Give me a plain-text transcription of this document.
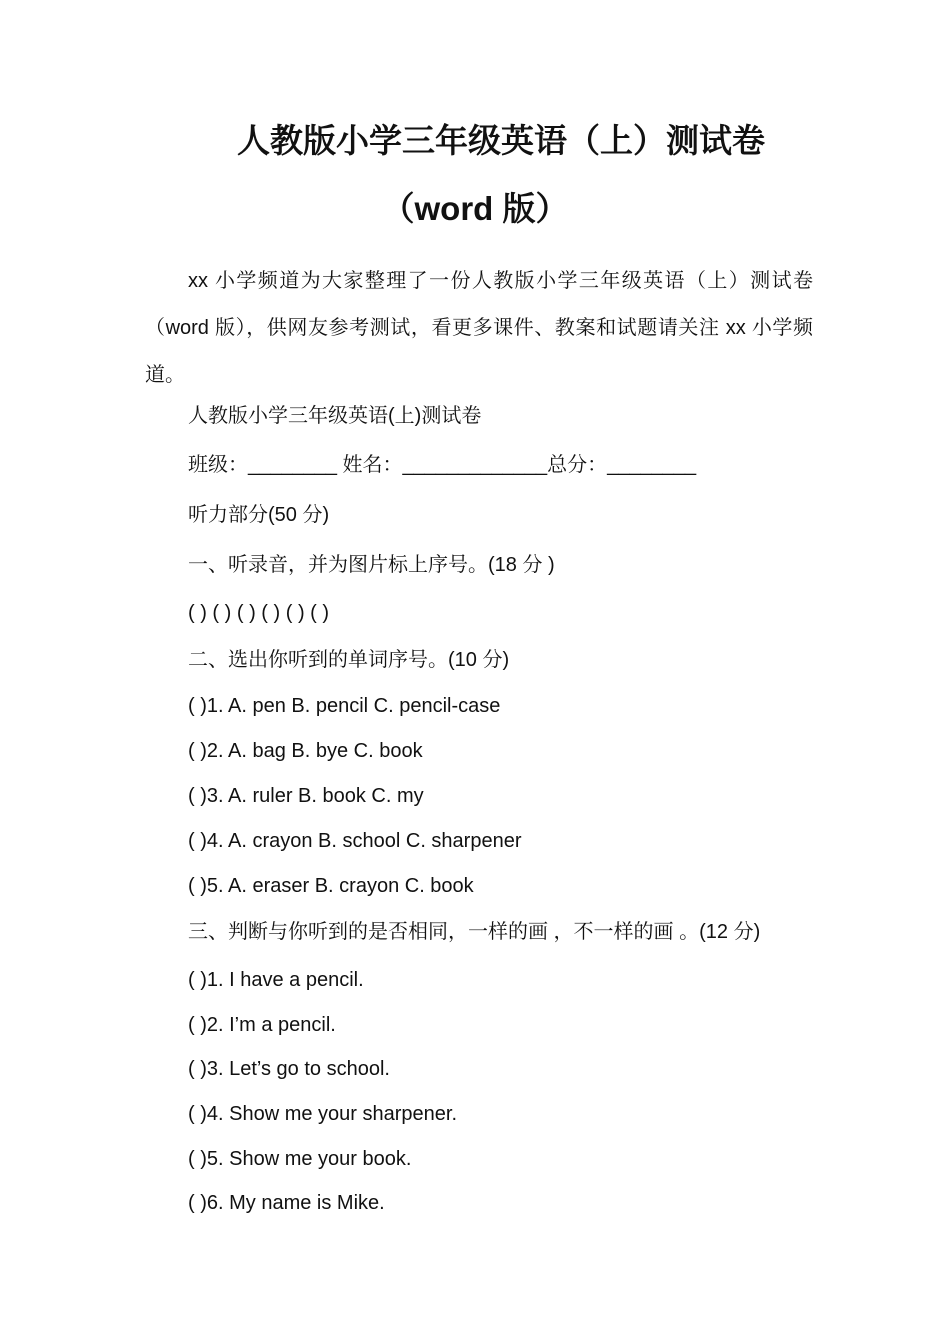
人教版小学三年级英语（上）测试卷
（word 版）
xx 小学频道为大家整理了一份人教版小学三年级英语（上）测试卷（word 版），供网友参考测试，看更多课件、教案和试题请关注 xx 小学频道。
人教版小学三年级英语(上)测试卷
班级：________ 姓名：_____________总分：________
听力部分(50 分)
一、听录音，并为图片标上序号。(18 分 )
( ) ( ) ( ) ( ) ( ) ( )
二、选出你听到的单词序号。(10 分)
( )1. A. pen B. pencil C. pencil-case
( )2. A. bag B. bye C. book
( )3. A. ruler B. book C. my
( )4. A. crayon B. school C. sharpener
( )5. A. eraser B. crayon C. book
三、判断与你听到的是否相同，一样的画 ，不一样的画 。(12 分)
( )1. I have a pencil.
( )2. I’m a pencil.
( )3. Let’s go to school.
( )4. Show me your sharpener.
( )5. Show me your book.
( )6. My name is Mike.
